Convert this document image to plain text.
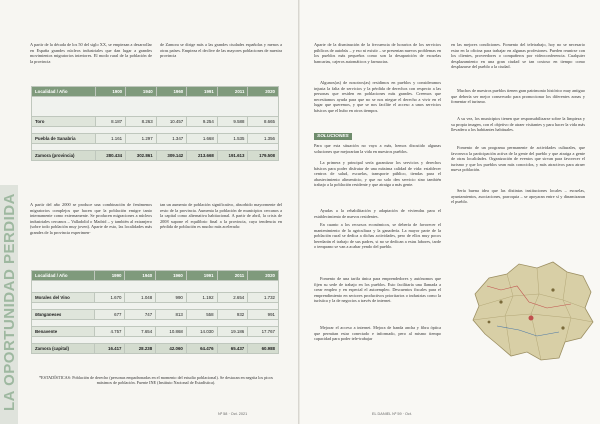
A partir de la década de los 50 del siglo XX, se empiezan a desarrollar en España grandes núcleos industriales que dan lugar a grandes movimientos migratorios interiores. El modo rural de la población de la provincia
de Zamora se dirige más a las grandes ciudades españolas y menos a otras países. Empieza el declive de las mayores poblaciones de nuestra provincia
Localidad / Año	1900	1940	1960	1991	2011	2020

Toro	8.187	8.263	10.457	9.254	9.588	8.665

Puebla de Sanabria	1.161	1.297	1.347	1.668	1.535	1.356

Zamora (provincia)	280.434	302.861	309.142	213.668	191.613	179.508
A partir del año 2000 se produce una combinación de fenómenos migratorios complejos que hacen que la población emigre tanto internamente como externamente. Se producen migraciones a núcleos industriales cercanos – Valladolid o Madrid – y también al extranjero (sobre todo población muy joven). Aparte de esto, las localidades más grandes de la provincia experimen-
tan un aumento de población significativo, absorbido mayormente del resto de la provincia. Aumenta la población de municipios cercanos a la capital como alternativa habitacional. A partir de abril, la crisis de 2008 supone el equilibrio final a la provincia, cuya tendencia en pérdida de población es mucho más acelerada:
Localidad / Año	1990	1940	1960	1991	2011	2020

Morales del Vino	1.670	1.048	990	1.192	2.654	1.732

Manganeses	677	747	813	558	932	991

Benavente	4.757	7.654	10.868	14.030	19.186	17.767

Zamora (capital)	16.417	28.238	42.060	64.476	65.437	60.988
*ESTADÍSTICAS: Población de derecho (personas empadronadas en el momento del estudio poblacional). Se destacan en negrita los picos máximos de población. Fuente INE (Instituto Nacional de Estadística).
LA OPORTUNIDAD PERDIDA
Nº 58 · Oct. 2021
Aparte de la disminución de la frecuencia de horarios de los servicios públicos de autobús – y eso ni existir – se presentan nuevos problemas en los pueblos más pequeños como son la desaparición de escuelas bancarias, cajeros automáticos y farmacias.
Algunos(as) de nosotros(as) residimos en pueblos y consideramos injusta la falta de servicios y la pérdida de derechos con respecto a las personas que residen en poblaciones más grandes. Creemos que necesitamos ayuda para que no se nos niegue el derecho a vivir en el lugar que queremos, y que se nos facilite el acceso a unos servicios básicos que el hubo en otros tiempos.
SOLUCIONES
Para que esta situación no vaya a más, hemos discutido algunas soluciones que mejorarían la vida en nuestros pueblos.
La primera y principal sería garantizar los servicios y derechos básicos para poder disfrutar de una máxima calidad de vida: establecer centros de salud, escuelas, transporte público, tiendas para el abastecimiento alimenticio, y que no solo den servicio sino también trabajo a la población residente y que atraiga a más gente.
Ayudas a la rehabilitación y adaptación de viviendas para el establecimiento de nuevos residentes.
En cuanto a los recursos económicos, se debería de favorecer el mantenimiento de la agricultura y la ganadería. La mayor parte de la población rural se dedica a dichas actividades, pero de ellos muy pocos heredarán el trabajo de sus padres, si no se dedican a estas labores, tarde o temprano se van a acabar yendo del pueblo.
Fomento de una tarifa única para emprendedores y autónomos que fijen su sede de trabajo en los pueblos. Esto facilitaría una llamada a crear empleo y en especial el autoempleo. Descuentos fiscales para el emprendimiento en sectores productivos prioritarios o industrias como la turística y la de negocios a través de internet.
Mejorar el acceso a internet. Mejora de banda ancha y fibra óptica que permitan estar conectado e informado, pero al mismo tiempo capacidad para poder tele-trabajar
en las mejores condiciones. Fomento del teletrabajo, hoy no se necesario estar en la oficina para trabajar en algunas profesiones. Pueden reunirse con los clientes, proveedores o compañeros por videoconferencia. Cualquier desplazamiento en una gran ciudad se tan costoso en tiempo como desplazarse del pueblo a la ciudad.
Muchos de nuestros pueblos tienen gran patrimonio histórico muy antiguo que debería ser mejor conservado para promocionar los diferentes zonas y fomentar el turismo.
A su vez, los municipios tienen que responsabilizarse sobre la limpieza y su propia imagen, con el objetivo de atraer visitantes y para hacer la vida más llevadera a los habitantes habituales.
Fomento de un programa permanente de actividades culturales, que favorezca la participación activa de la gente del pueblo y que atraiga a gente de otras localidades. Organización de eventos que sirvan para favorecer el turismo y que los pueblos sean más conocidos, y más atractivos para atraer nueva población.
Sería buena idea que las distintas instituciones locales – escuelas, ayuntamientos, asociaciones, parroquia – se apoyaran entre sí y dinamizaran el pueblo.
EL DANIEL Nº 59 · Oct.
